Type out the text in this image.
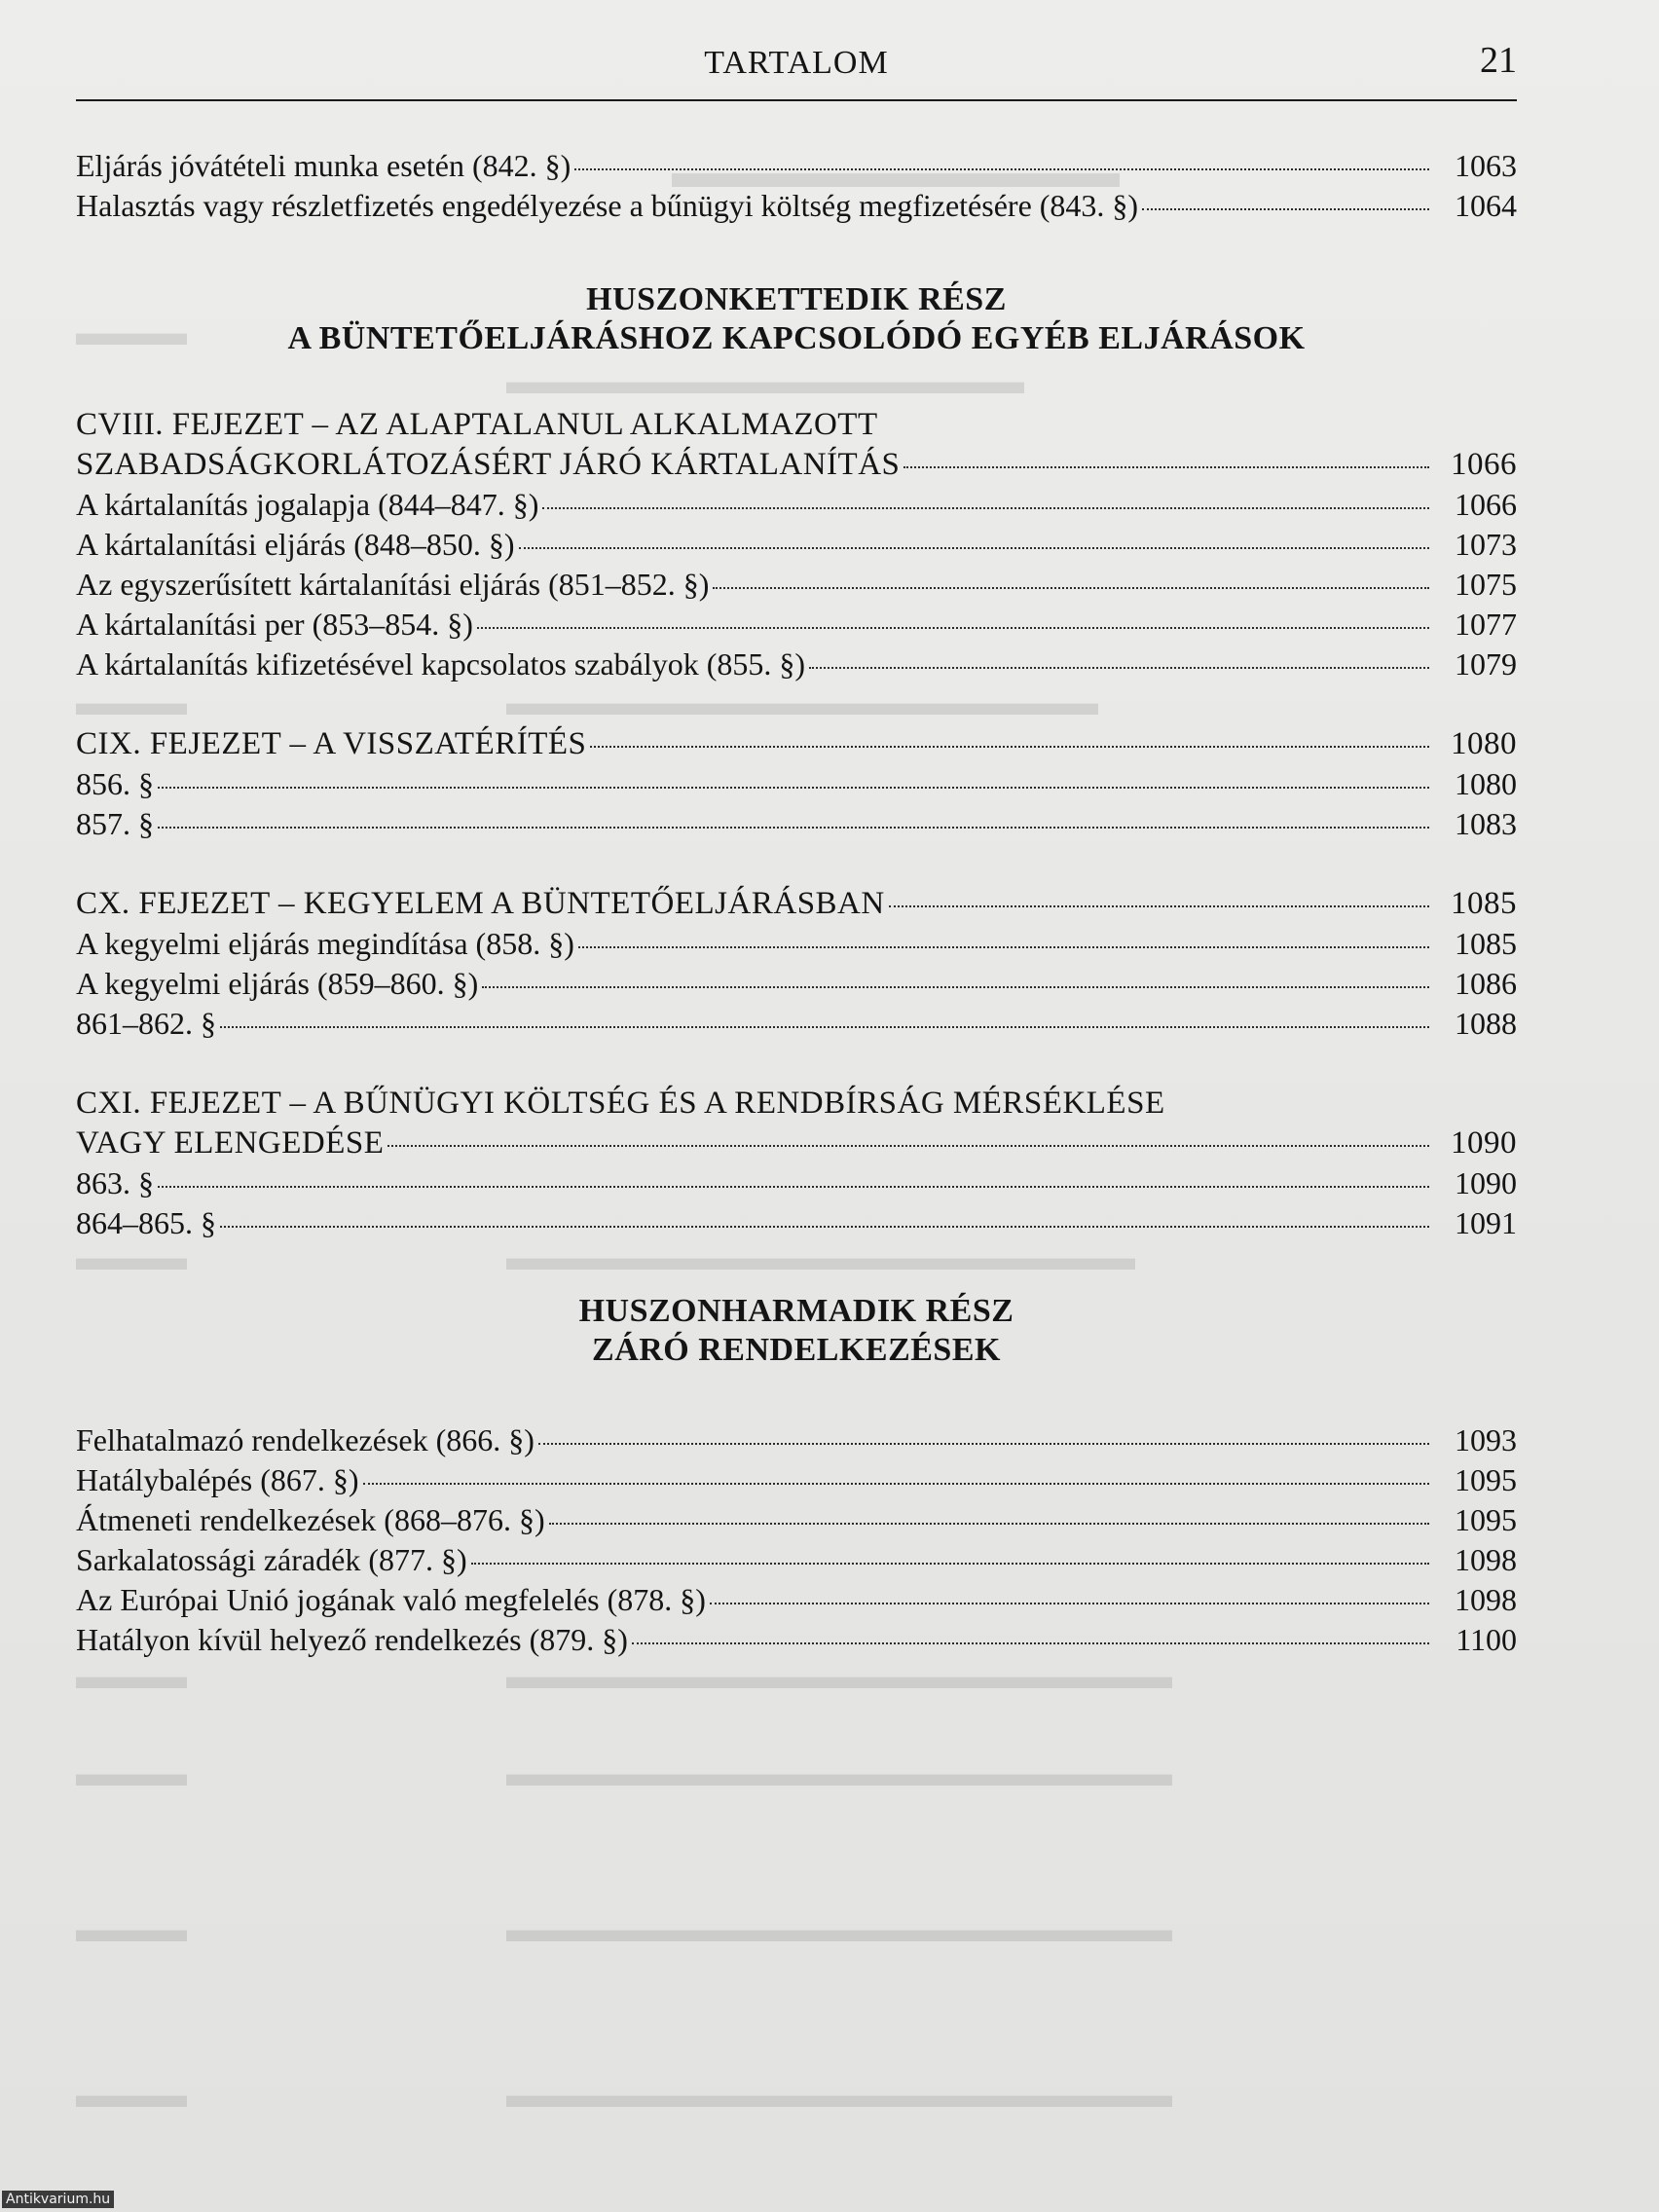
▬▬▬▬▬▬▬▬▬▬
▬▬▬
▬▬▬▬▬▬▬▬▬▬▬▬▬▬
▬▬▬	▬▬▬▬▬▬▬▬▬▬▬▬▬▬▬▬
▬▬▬	▬▬▬▬▬▬▬▬▬▬▬▬▬▬▬▬▬
▬▬▬	▬▬▬▬▬▬▬▬▬▬▬▬▬▬▬▬▬▬
▬▬▬	▬▬▬▬▬▬▬▬▬▬▬▬▬▬▬▬▬▬
▬▬▬	▬▬▬▬▬▬▬▬▬▬▬▬▬▬▬▬▬▬
▬▬▬	▬▬▬▬▬▬▬▬▬▬▬▬▬▬▬▬▬▬
TARTALOM	21
Eljárás jóvátételi munka esetén (842. §)	1063
Halasztás vagy részletfizetés engedélyezése a bűnügyi költség megfizetésére (843. §)	1064
HUSZONKETTEDIK RÉSZ
A BÜNTETŐELJÁRÁSHOZ KAPCSOLÓDÓ EGYÉB ELJÁRÁSOK
CVIII. FEJEZET – AZ ALAPTALANUL ALKALMAZOTT
SZABADSÁGKORLÁTOZÁSÉRT JÁRÓ KÁRTALANÍTÁS	1066
A kártalanítás jogalapja (844–847. §)	1066
A kártalanítási eljárás (848–850. §)	1073
Az egyszerűsített kártalanítási eljárás (851–852. §)	1075
A kártalanítási per (853–854. §)	1077
A kártalanítás kifizetésével kapcsolatos szabályok (855. §)	1079
CIX. FEJEZET – A VISSZATÉRÍTÉS	1080
856. §	1080
857. §	1083
CX. FEJEZET – KEGYELEM A BÜNTETŐELJÁRÁSBAN	1085
A kegyelmi eljárás megindítása (858. §)	1085
A kegyelmi eljárás (859–860. §)	1086
861–862. §	1088
CXI. FEJEZET – A BŰNÜGYI KÖLTSÉG ÉS A RENDBÍRSÁG MÉRSÉKLÉSE
VAGY ELENGEDÉSE	1090
863. §	1090
864–865. §	1091
HUSZONHARMADIK RÉSZ
ZÁRÓ RENDELKEZÉSEK
Felhatalmazó rendelkezések (866. §)	1093
Hatálybalépés (867. §)	1095
Átmeneti rendelkezések (868–876. §)	1095
Sarkalatossági záradék (877. §)	1098
Az Európai Unió jogának való megfelelés (878. §)	1098
Hatályon kívül helyező rendelkezés (879. §)	1100
Antikvarium.hu
